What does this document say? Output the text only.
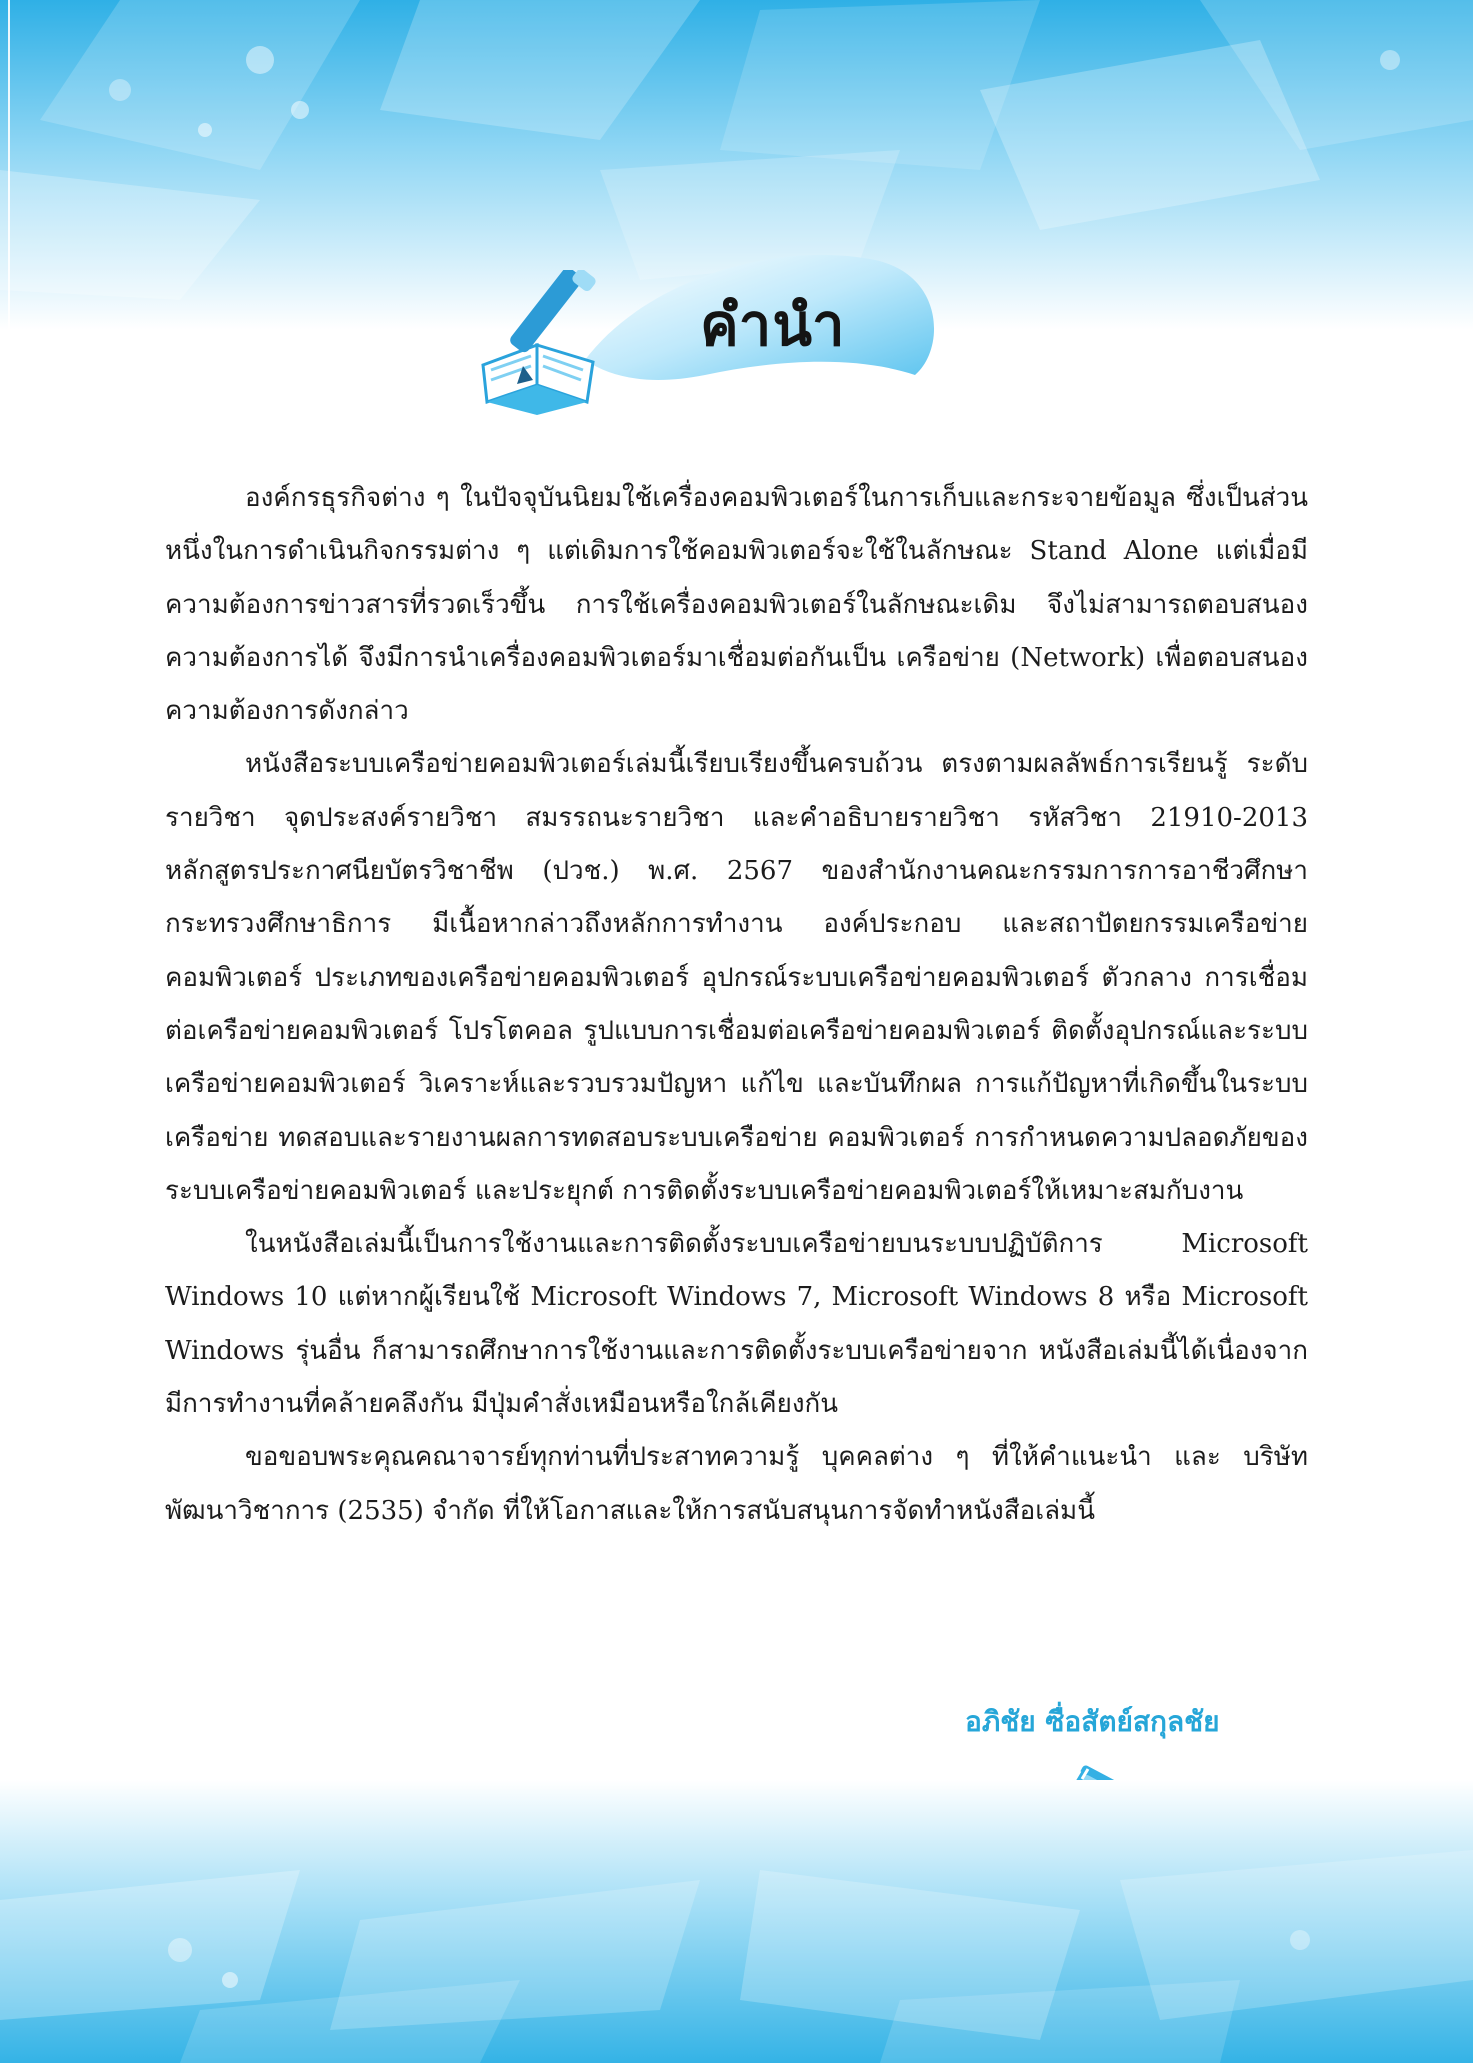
คำนำ

องค์กรธุรกิจต่าง ๆ ในปัจจุบันนิยมใช้เครื่องคอมพิวเตอร์ในการเก็บและกระจายข้อมูล ซึ่งเป็นส่วนหนึ่งในการดำเนินกิจกรรมต่าง ๆ แต่เดิมการใช้คอมพิวเตอร์จะใช้ในลักษณะ Stand Alone แต่เมื่อมีความต้องการข่าวสารที่รวดเร็วขึ้น การใช้เครื่องคอมพิวเตอร์ในลักษณะเดิม จึงไม่สามารถตอบสนองความต้องการได้ จึงมีการนำเครื่องคอมพิวเตอร์มาเชื่อมต่อกันเป็น เครือข่าย (Network) เพื่อตอบสนองความต้องการดังกล่าว

หนังสือระบบเครือข่ายคอมพิวเตอร์เล่มนี้เรียบเรียงขึ้นครบถ้วน ตรงตามผลลัพธ์การเรียนรู้ ระดับรายวิชา จุดประสงค์รายวิชา สมรรถนะรายวิชา และคำอธิบายรายวิชา รหัสวิชา 21910-2013 หลักสูตรประกาศนียบัตรวิชาชีพ (ปวช.) พ.ศ. 2567 ของสำนักงานคณะกรรมการการอาชีวศึกษา กระทรวงศึกษาธิการ มีเนื้อหากล่าวถึงหลักการทำงาน องค์ประกอบ และสถาปัตยกรรมเครือข่าย คอมพิวเตอร์ ประเภทของเครือข่ายคอมพิวเตอร์ อุปกรณ์ระบบเครือข่ายคอมพิวเตอร์ ตัวกลาง การเชื่อมต่อเครือข่ายคอมพิวเตอร์ โปรโตคอล รูปแบบการเชื่อมต่อเครือข่ายคอมพิวเตอร์ ติดตั้งอุปกรณ์และระบบเครือข่ายคอมพิวเตอร์ วิเคราะห์และรวบรวมปัญหา แก้ไข และบันทึกผล การแก้ปัญหาที่เกิดขึ้นในระบบเครือข่าย ทดสอบและรายงานผลการทดสอบระบบเครือข่าย คอมพิวเตอร์ การกำหนดความปลอดภัยของระบบเครือข่ายคอมพิวเตอร์ และประยุกต์ การติดตั้งระบบเครือข่ายคอมพิวเตอร์ให้เหมาะสมกับงาน

ในหนังสือเล่มนี้เป็นการใช้งานและการติดตั้งระบบเครือข่ายบนระบบปฏิบัติการ Microsoft Windows 10 แต่หากผู้เรียนใช้ Microsoft Windows 7, Microsoft Windows 8 หรือ Microsoft Windows รุ่นอื่น ก็สามารถศึกษาการใช้งานและการติดตั้งระบบเครือข่ายจาก หนังสือเล่มนี้ได้เนื่องจากมีการทำงานที่คล้ายคลึงกัน มีปุ่มคำสั่งเหมือนหรือใกล้เคียงกัน

ขอขอบพระคุณคณาจารย์ทุกท่านที่ประสาทความรู้ บุคคลต่าง ๆ ที่ให้คำแนะนำ และ บริษัท พัฒนาวิชาการ (2535) จำกัด ที่ให้โอกาสและให้การสนับสนุนการจัดทำหนังสือเล่มนี้

อภิชัย ซื่อสัตย์สกุลชัย
